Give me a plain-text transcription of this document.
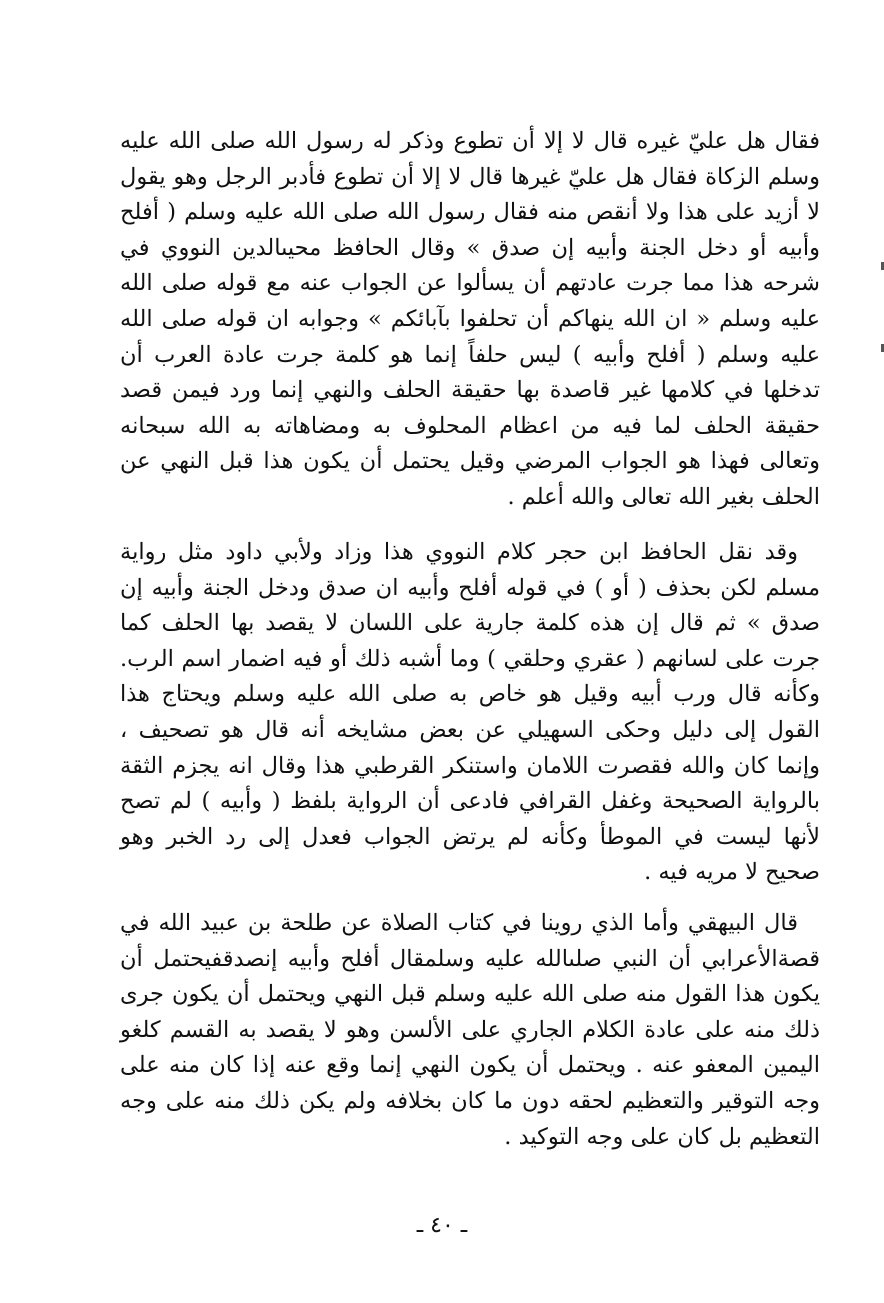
فقال هل عليّ غيره قال لا إلا أن تطوع وذكر له رسول الله صلى الله عليه وسلم الزكاة فقال هل عليّ غيرها قال لا إلا أن تطوع فأدبر الرجل وهو يقول لا أزيد على هذا ولا أنقص منه فقال رسول الله صلى الله عليه وسلم ( أفلح وأبيه أو دخل الجنة وأبيه إن صدق » وقال الحافظ محيىالدين النووي في شرحه هذا مما جرت عادتهم أن يسألوا عن الجواب عنه مع قوله صلى الله عليه وسلم « ان الله ينهاكم أن تحلفوا بآبائكم » وجوابه ان قوله صلى الله عليه وسلم ( أفلح وأبيه ) ليس حلفاً إنما هو كلمة جرت عادة العرب أن تدخلها في كلامها غير قاصدة بها حقيقة الحلف والنهي إنما ورد فيمن قصد حقيقة الحلف لما فيه من اعظام المحلوف به ومضاهاته به الله سبحانه وتعالى فهذا هو الجواب المرضي وقيل يحتمل أن يكون هذا قبل النهي عن الحلف بغير الله تعالى والله أعلم .

وقد نقل الحافظ ابن حجر كلام النووي هذا وزاد ولأبي داود مثل رواية مسلم لكن بحذف ( أو ) في قوله أفلح وأبيه ان صدق ودخل الجنة وأبيه إن صدق » ثم قال إن هذه كلمة جارية على اللسان لا يقصد بها الحلف كما جرت على لسانهم ( عقري وحلقي ) وما أشبه ذلك أو فيه اضمار اسم الرب. وكأنه قال ورب أبيه وقيل هو خاص به صلى الله عليه وسلم ويحتاج هذا القول إلى دليل وحكى السهيلي عن بعض مشايخه أنه قال هو تصحيف ، وإنما كان والله فقصرت اللامان واستنكر القرطبي هذا وقال انه يجزم الثقة بالرواية الصحيحة وغفل القرافي فادعى أن الرواية بلفظ ( وأبيه ) لم تصح لأنها ليست في الموطأ وكأنه لم يرتض الجواب فعدل إلى رد الخبر وهو صحيح لا مريه فيه .

قال البيهقي وأما الذي روينا في كتاب الصلاة عن طلحة بن عبيد الله في قصةالأعرابي أن النبي صلىالله عليه وسلمقال أفلح وأبيه إنصدقفيحتمل أن يكون هذا القول منه صلى الله عليه وسلم قبل النهي ويحتمل أن يكون جرى ذلك منه على عادة الكلام الجاري على الألسن وهو لا يقصد به القسم كلغو اليمين المعفو عنه . ويحتمل أن يكون النهي إنما وقع عنه إذا كان منه على وجه التوقير والتعظيم لحقه دون ما كان بخلافه ولم يكن ذلك منه على وجه التعظيم بل كان على وجه التوكيد .

ـ ٤٠ ـ
